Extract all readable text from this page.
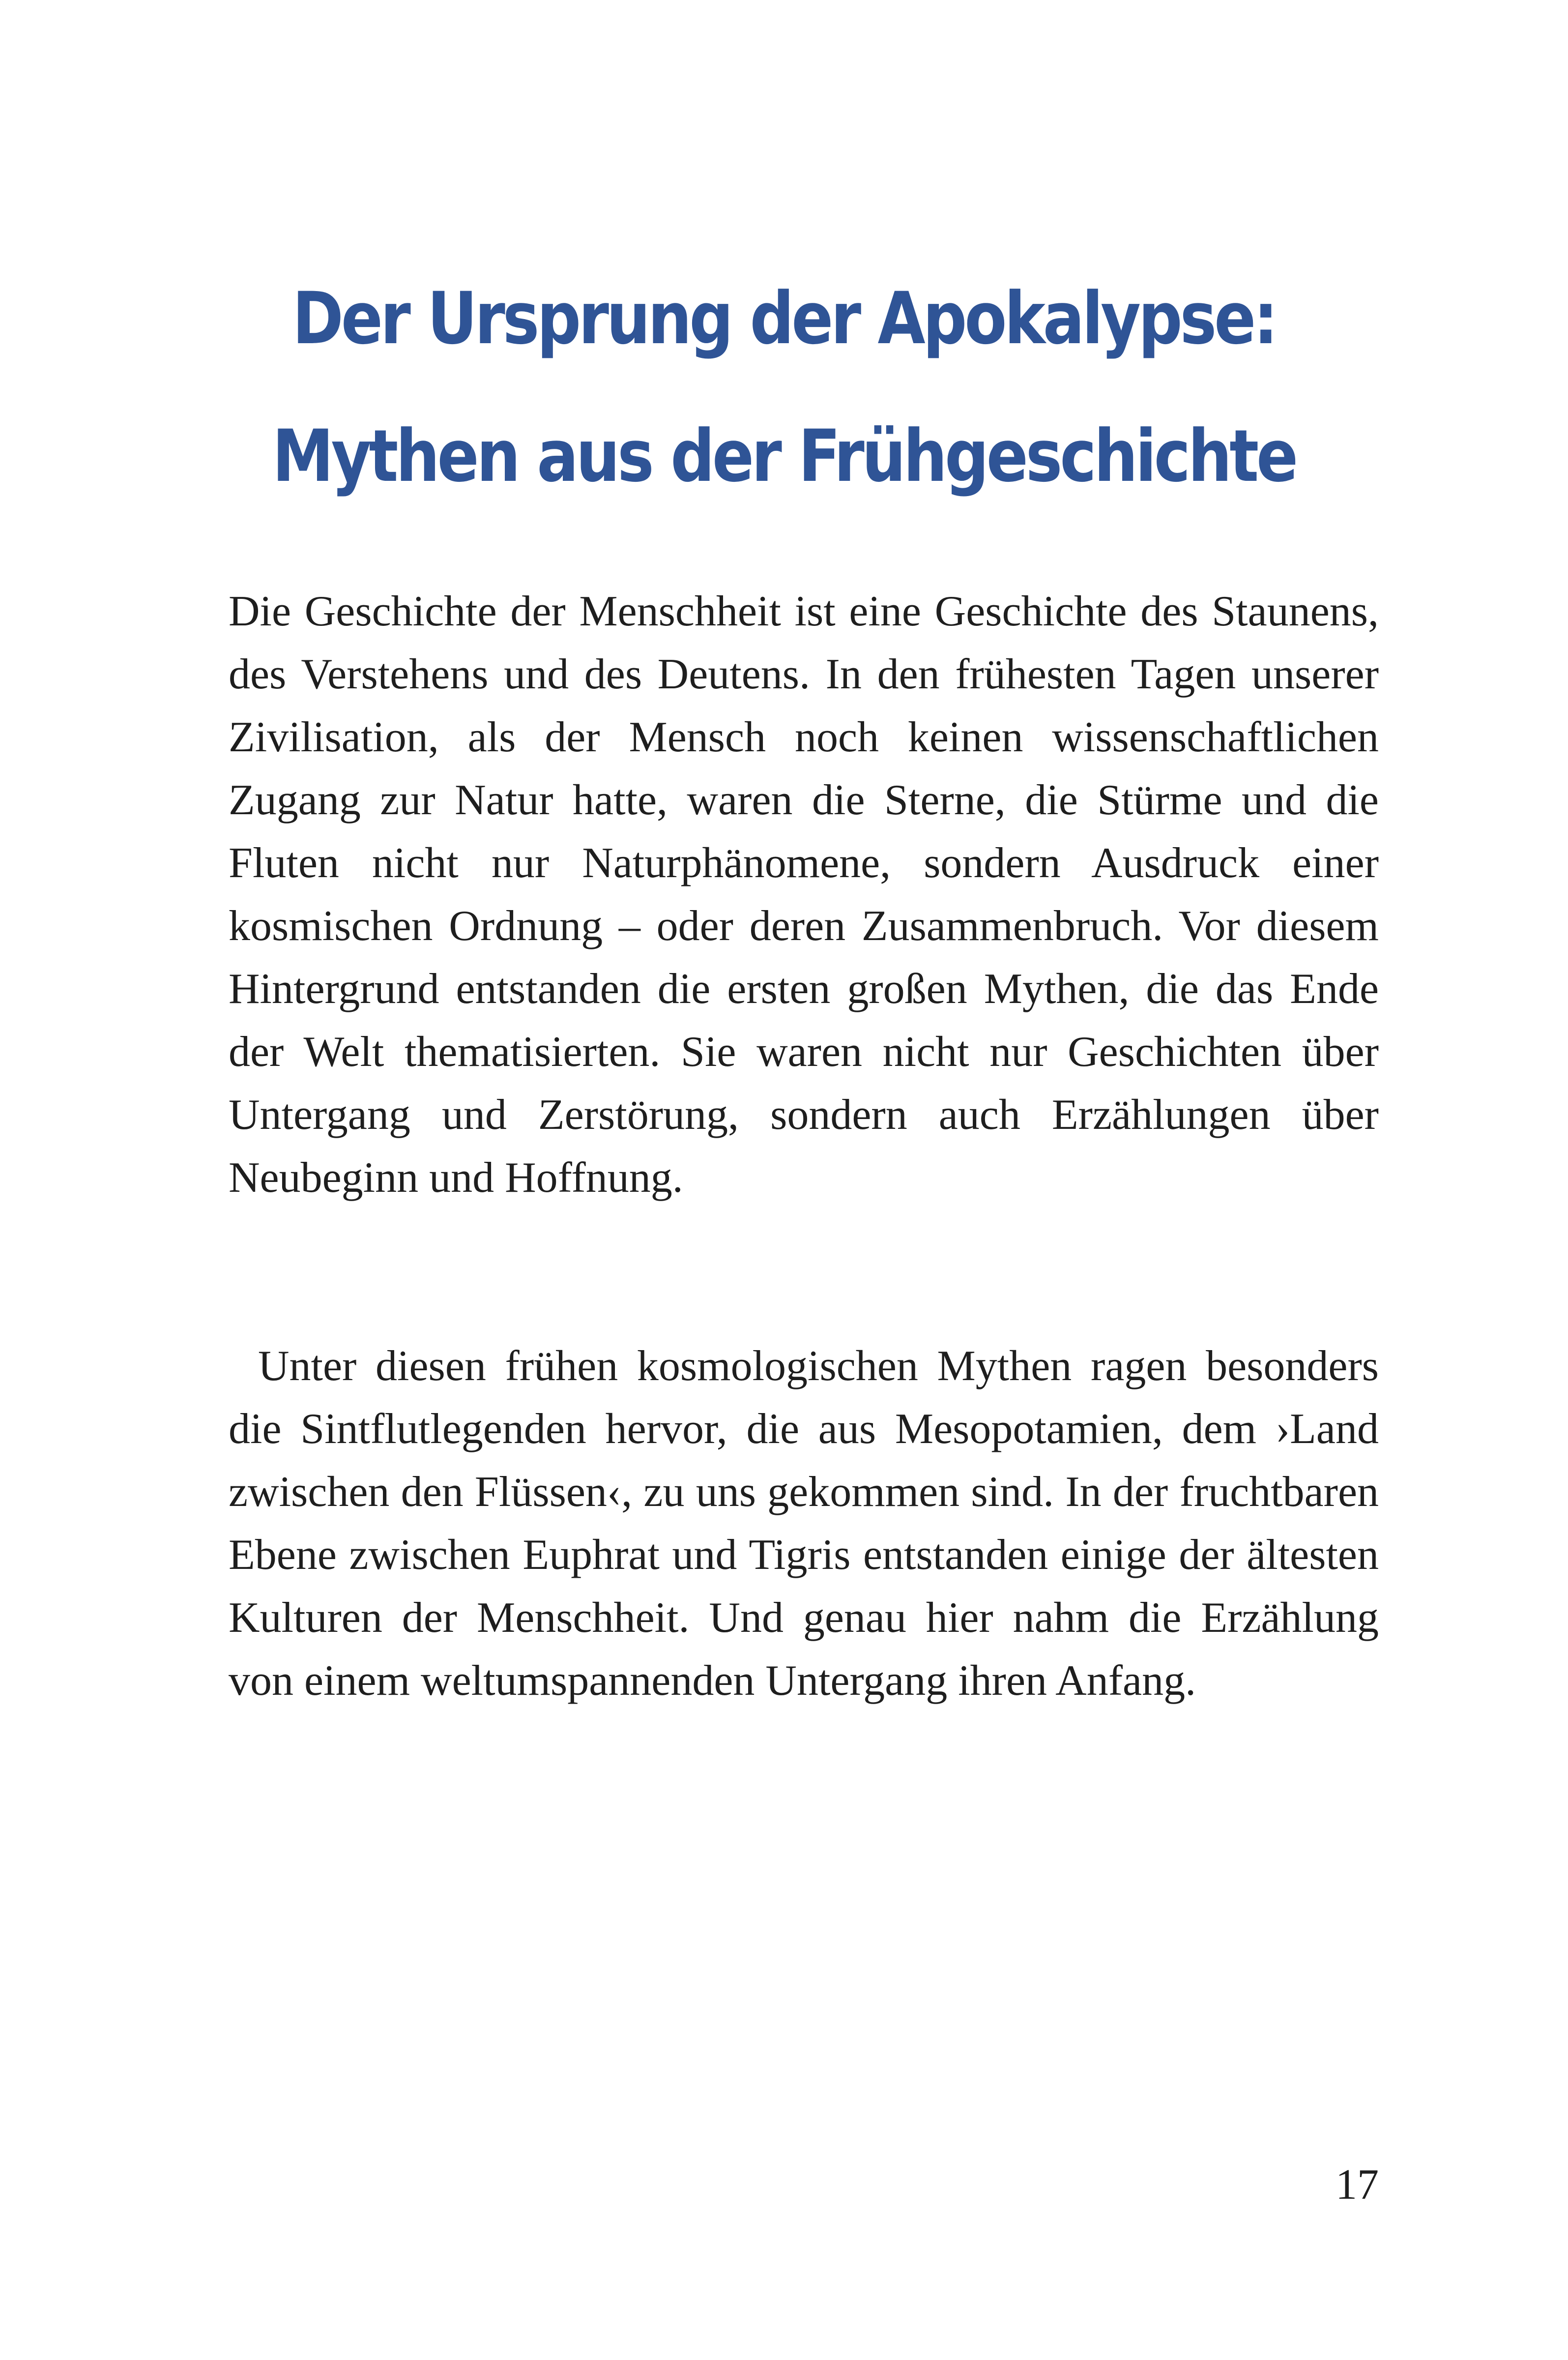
Der Ursprung der Apokalypse:
Mythen aus der Frühgeschichte

Die Geschichte der Menschheit ist eine Geschichte des Staunens, des Verstehens und des Deutens. In den frühesten Tagen unserer Zivilisation, als der Mensch noch keinen wissenschaftlichen Zugang zur Natur hatte, waren die Sterne, die Stürme und die Fluten nicht nur Naturphänomene, sondern Ausdruck einer kosmischen Ordnung – oder deren Zusammenbruch. Vor diesem Hintergrund entstanden die ersten großen Mythen, die das Ende der Welt thematisierten. Sie waren nicht nur Geschichten über Untergang und Zerstörung, sondern auch Erzählungen über Neubeginn und Hoffnung.

Unter diesen frühen kosmologischen Mythen ragen besonders die Sintflutlegenden hervor, die aus Mesopotamien, dem ›Land zwischen den Flüssen‹, zu uns gekommen sind. In der fruchtbaren Ebene zwischen Euphrat und Tigris entstanden einige der ältesten Kulturen der Menschheit. Und genau hier nahm die Erzählung von einem weltumspannenden Untergang ihren Anfang.

17
